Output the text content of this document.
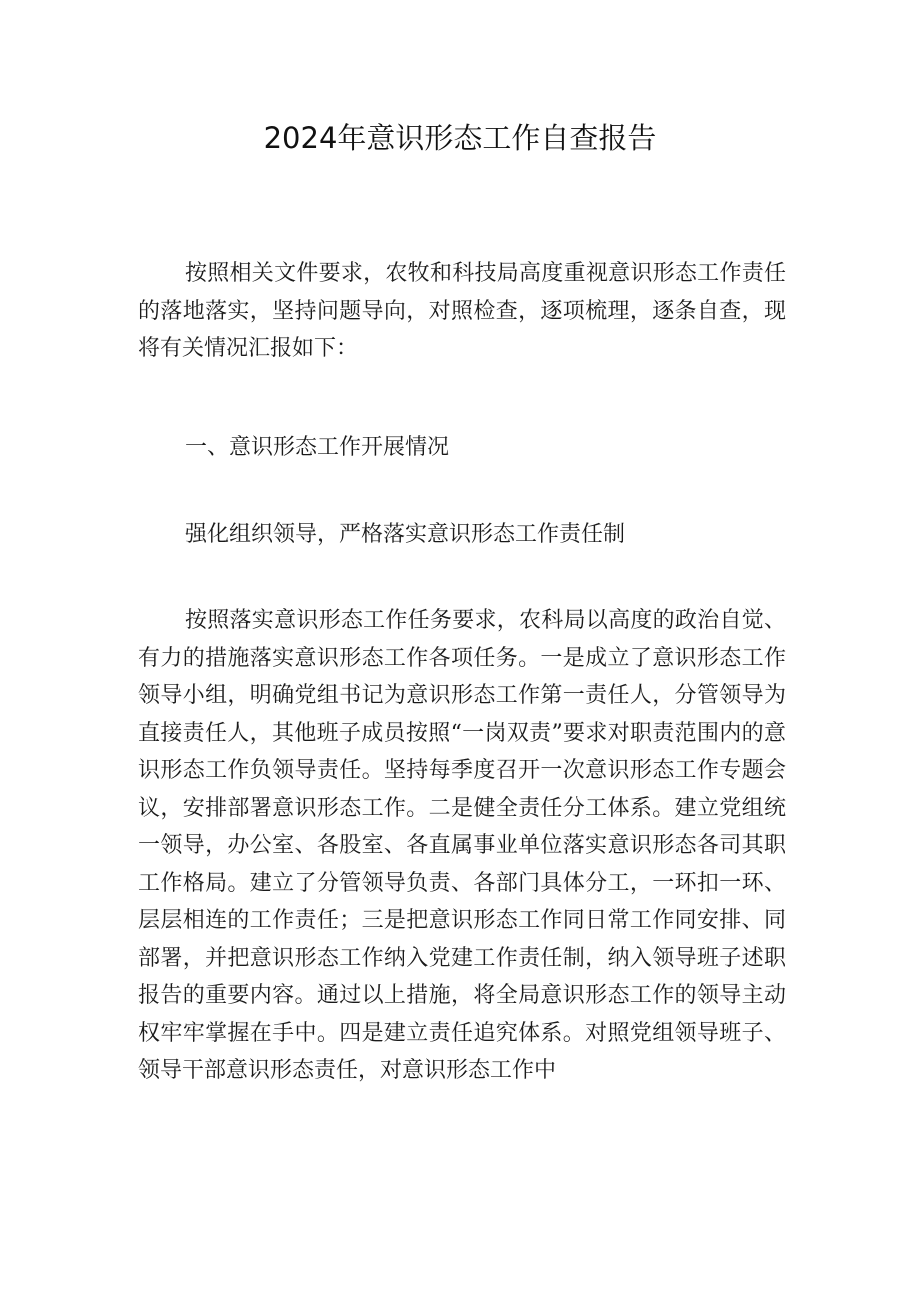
2024年意识形态工作自查报告

按照相关文件要求，农牧和科技局高度重视意识形态工作责任的落地落实，坚持问题导向，对照检查，逐项梳理，逐条自查，现将有关情况汇报如下：

一、意识形态工作开展情况

强化组织领导，严格落实意识形态工作责任制

按照落实意识形态工作任务要求，农科局以高度的政治自觉、有力的措施落实意识形态工作各项任务。一是成立了意识形态工作领导小组，明确党组书记为意识形态工作第一责任人，分管领导为直接责任人，其他班子成员按照“一岗双责”要求对职责范围内的意识形态工作负领导责任。坚持每季度召开一次意识形态工作专题会议，安排部署意识形态工作。二是健全责任分工体系。建立党组统一领导，办公室、各股室、各直属事业单位落实意识形态各司其职工作格局。建立了分管领导负责、各部门具体分工，一环扣一环、层层相连的工作责任；三是把意识形态工作同日常工作同安排、同部署，并把意识形态工作纳入党建工作责任制，纳入领导班子述职报告的重要内容。通过以上措施，将全局意识形态工作的领导主动权牢牢掌握在手中。四是建立责任追究体系。对照党组领导班子、领导干部意识形态责任，对意识形态工作中
